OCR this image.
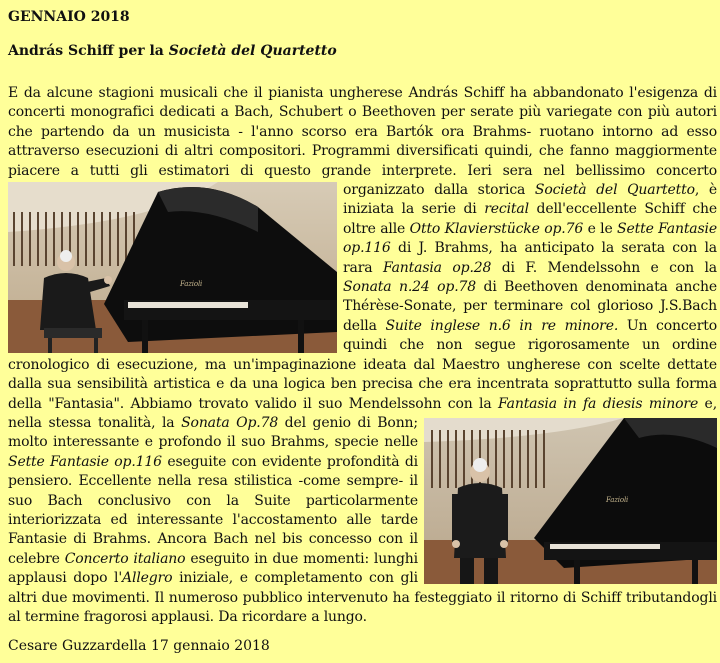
GENNAIO 2018

András Schiff per la Società del Quartetto

E da alcune stagioni musicali che il pianista ungherese András Schiff ha abbandonato l'esigenza di concerti monografici dedicati a Bach, Schubert o Beethoven per serate più variegate con più autori che partendo da un musicista - l'anno scorso era Bartók ora Brahms- ruotano intorno ad esso attraverso esecuzioni di altri compositori. Programmi diversificati quindi, che fanno maggiormente piacere a tutti gli estimatori di questo grande interprete. Ieri sera nel bellissimo concerto organizzato dalla storica
Fazioli
Società del Quartetto, è iniziata la serie di recital dell'eccellente Schiff che oltre alle Otto Klavierstücke op.76 e le Sette Fantasie op.116 di J. Brahms, ha anticipato la serata con la rara Fantasia op.28 di F. Mendelssohn e con la Sonata n.24 op.78 di Beethoven denominata anche Thérèse-Sonate, per terminare col glorioso J.S.Bach della Suite inglese n.6 in re minore. Un concerto quindi che non segue rigorosamente un ordine cronologico di esecuzione, ma un'impaginazione ideata dal Maestro ungherese con scelte dettate dalla sua sensibilità artistica e da una logica ben precisa che era incentrata soprattutto sulla forma della "Fantasia". Abbiamo trovato valido il suo Mendelssohn con la
Fazioli
Fantasia in fa diesis minore e, nella stessa tonalità, la Sonata Op.78 del genio di Bonn; molto interessante e profondo il suo Brahms, specie nelle Sette Fantasie op.116 eseguite con evidente profondità di pensiero. Eccellente nella resa stilistica -come sempre- il suo Bach conclusivo con la Suite particolarmente interiorizzata ed interessante l'accostamento alle tarde Fantasie di Brahms. Ancora Bach nel bis concesso con il celebre Concerto italiano eseguito in due momenti: lunghi applausi dopo l'Allegro iniziale, e completamento con gli altri due movimenti. Il numeroso pubblico intervenuto ha festeggiato il ritorno di Schiff tributandogli al termine fragorosi applausi. Da ricordare a lungo.

Cesare Guzzardella 17 gennaio 2018
